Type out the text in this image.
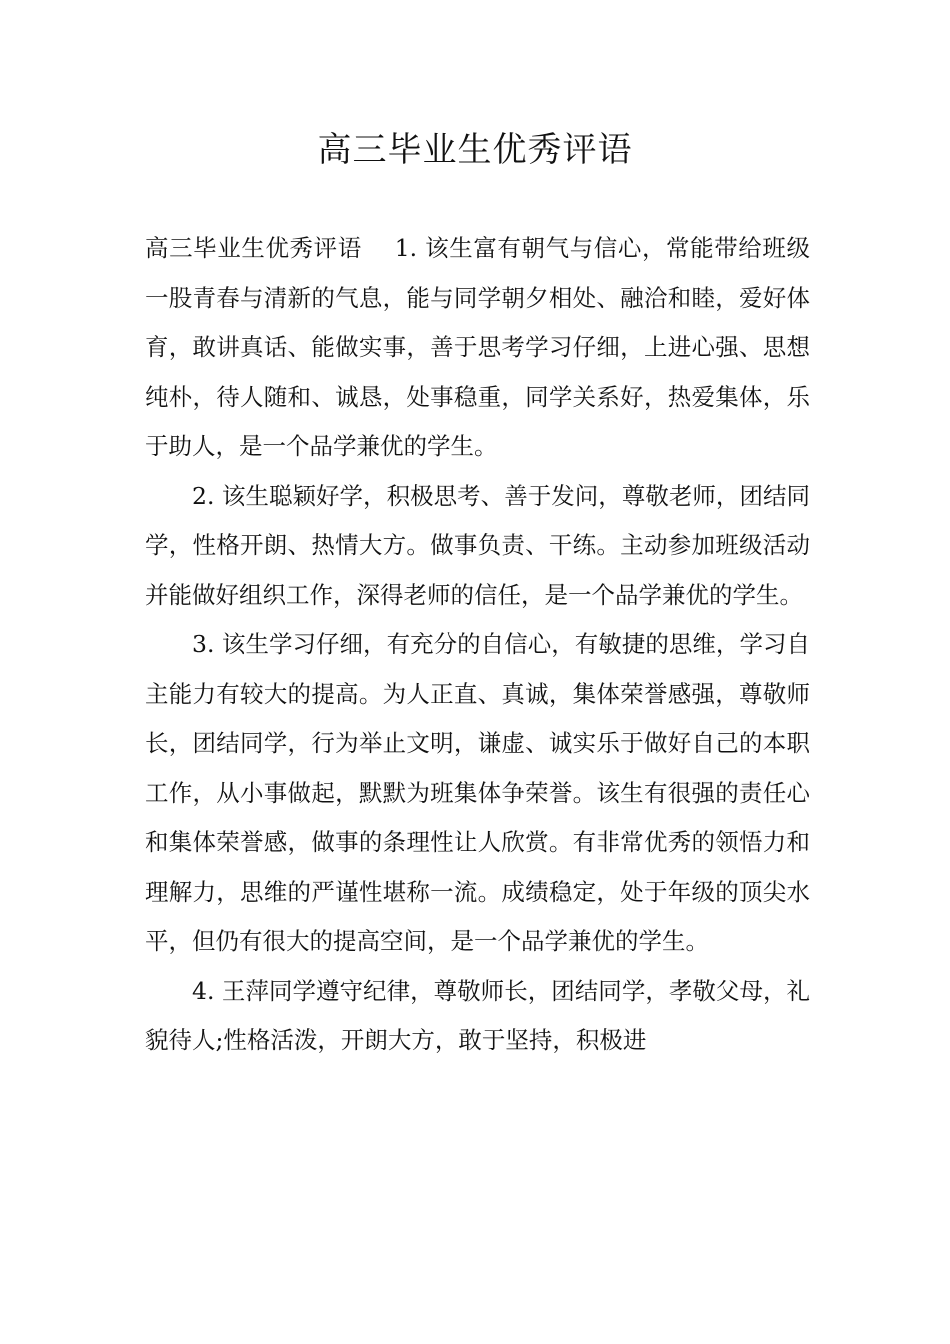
高三毕业生优秀评语

高三毕业生优秀评语 1. 该生富有朝气与信心，常能带给班级一股青春与清新的气息，能与同学朝夕相处、融洽和睦，爱好体育，敢讲真话、能做实事，善于思考学习仔细，上进心强、思想纯朴，待人随和、诚恳，处事稳重，同学关系好，热爱集体，乐于助人，是一个品学兼优的学生。

2. 该生聪颖好学，积极思考、善于发问，尊敬老师，团结同学，性格开朗、热情大方。做事负责、干练。主动参加班级活动并能做好组织工作，深得老师的信任，是一个品学兼优的学生。

3. 该生学习仔细，有充分的自信心，有敏捷的思维，学习自主能力有较大的提高。为人正直、真诚，集体荣誉感强，尊敬师长，团结同学，行为举止文明，谦虚、诚实乐于做好自己的本职工作，从小事做起，默默为班集体争荣誉。该生有很强的责任心和集体荣誉感，做事的条理性让人欣赏。有非常优秀的领悟力和理解力，思维的严谨性堪称一流。成绩稳定，处于年级的顶尖水平，但仍有很大的提高空间，是一个品学兼优的学生。

4. 王萍同学遵守纪律，尊敬师长，团结同学，孝敬父母，礼貌待人;性格活泼，开朗大方，敢于坚持，积极进
